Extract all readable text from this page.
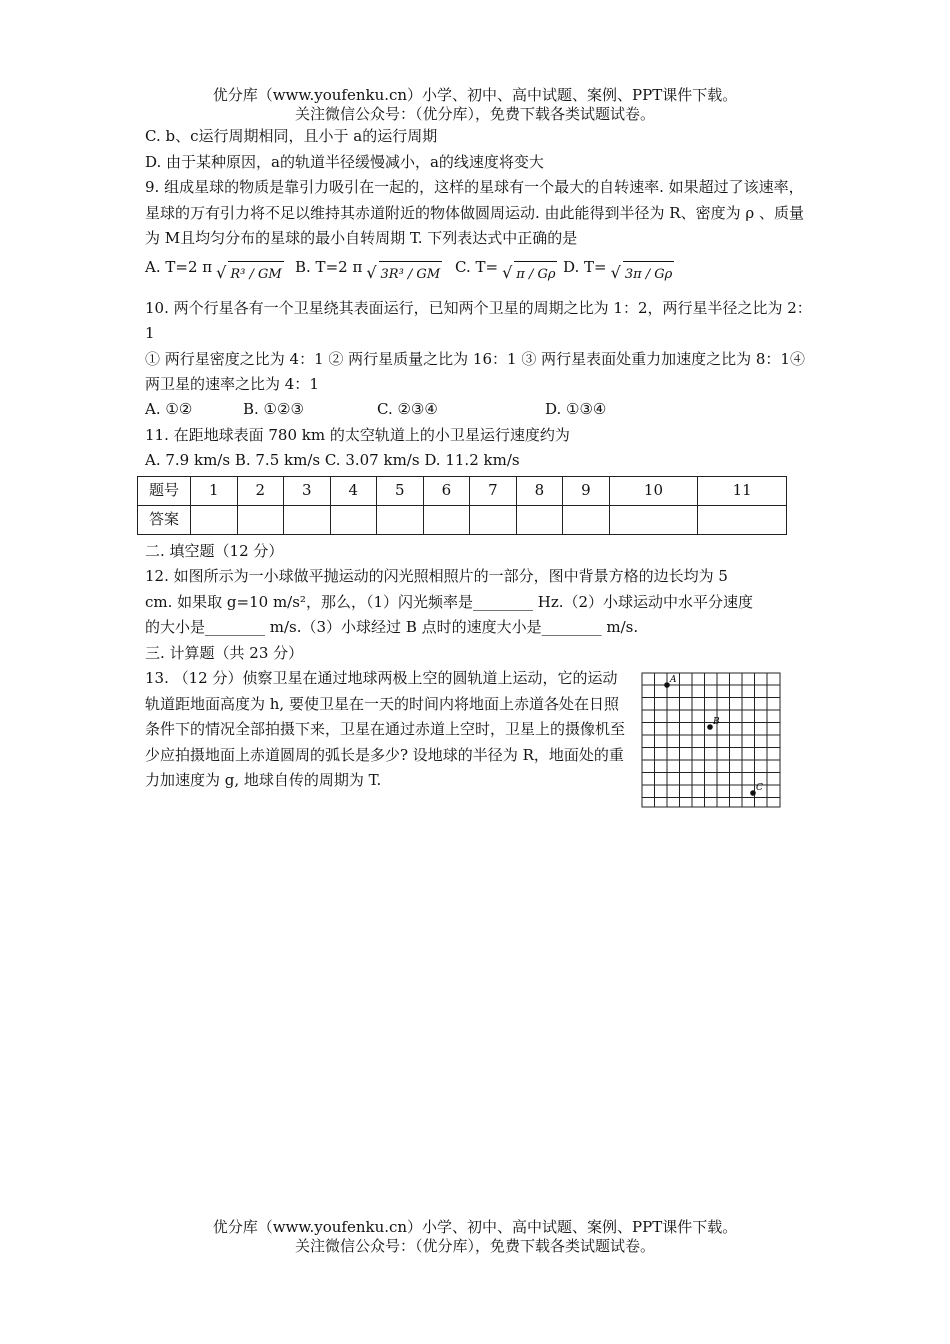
优分库（www.youfenku.cn）小学、初中、高中试题、案例、PPT课件下载。
关注微信公众号：（优分库），免费下载各类试题试卷。

C. b、c运行周期相同，且小于 a的运行周期

D. 由于某种原因，a的轨道半径缓慢减小，a的线速度将变大

9. 组成星球的物质是靠引力吸引在一起的，这样的星球有一个最大的自转速率. 如果超过了该速率，星球的万有引力将不足以维持其赤道附近的物体做圆周运动. 由此能得到半径为 R、密度为 ρ 、质量为 M且均匀分布的星球的最小自转周期 T. 下列表达式中正确的是

A. T=2 π √ R³ / GM B. T=2 π √ 3R³ / GM C. T= √ π / Gρ D. T= √ 3π / Gρ

10. 两个行星各有一个卫星绕其表面运行，已知两个卫星的周期之比为 1：2，两行星半径之比为 2：1

① 两行星密度之比为 4：1 ② 两行星质量之比为 16：1 ③ 两行星表面处重力加速度之比为 8：1④ 两卫星的速率之比为 4：1

A. ①②	B. ①②③	C. ②③④	D. ①③④

11. 在距地球表面 780 km 的太空轨道上的小卫星运行速度约为

A. 7.9 km/s B. 7.5 km/s C. 3.07 km/s D. 11.2 km/s

题号	1	2	3	4	5	6	7	8	9	10	11
答案											

二. 填空题（12 分）

12. 如图所示为一小球做平抛运动的闪光照相照片的一部分，图中背景方格的边长均为 5

cm. 如果取 g=10 m/s²，那么，（1）闪光频率是________ Hz.（2）小球运动中水平分速度

的大小是________ m/s.（3）小球经过 B 点时的速度大小是________ m/s.

三. 计算题（共 23 分）

13. （12 分）侦察卫星在通过地球两极上空的圆轨道上运动，它的运动轨道距地面高度为 h, 要使卫星在一天的时间内将地面上赤道各处在日照条件下的情况全部拍摄下来，卫星在通过赤道上空时，卫星上的摄像机至少应拍摄地面上赤道圆周的弧长是多少? 设地球的半径为 R，地面处的重力加速度为 g, 地球自传的周期为 T.

A
B
C
优分库（www.youfenku.cn）小学、初中、高中试题、案例、PPT课件下载。
关注微信公众号：（优分库），免费下载各类试题试卷。
